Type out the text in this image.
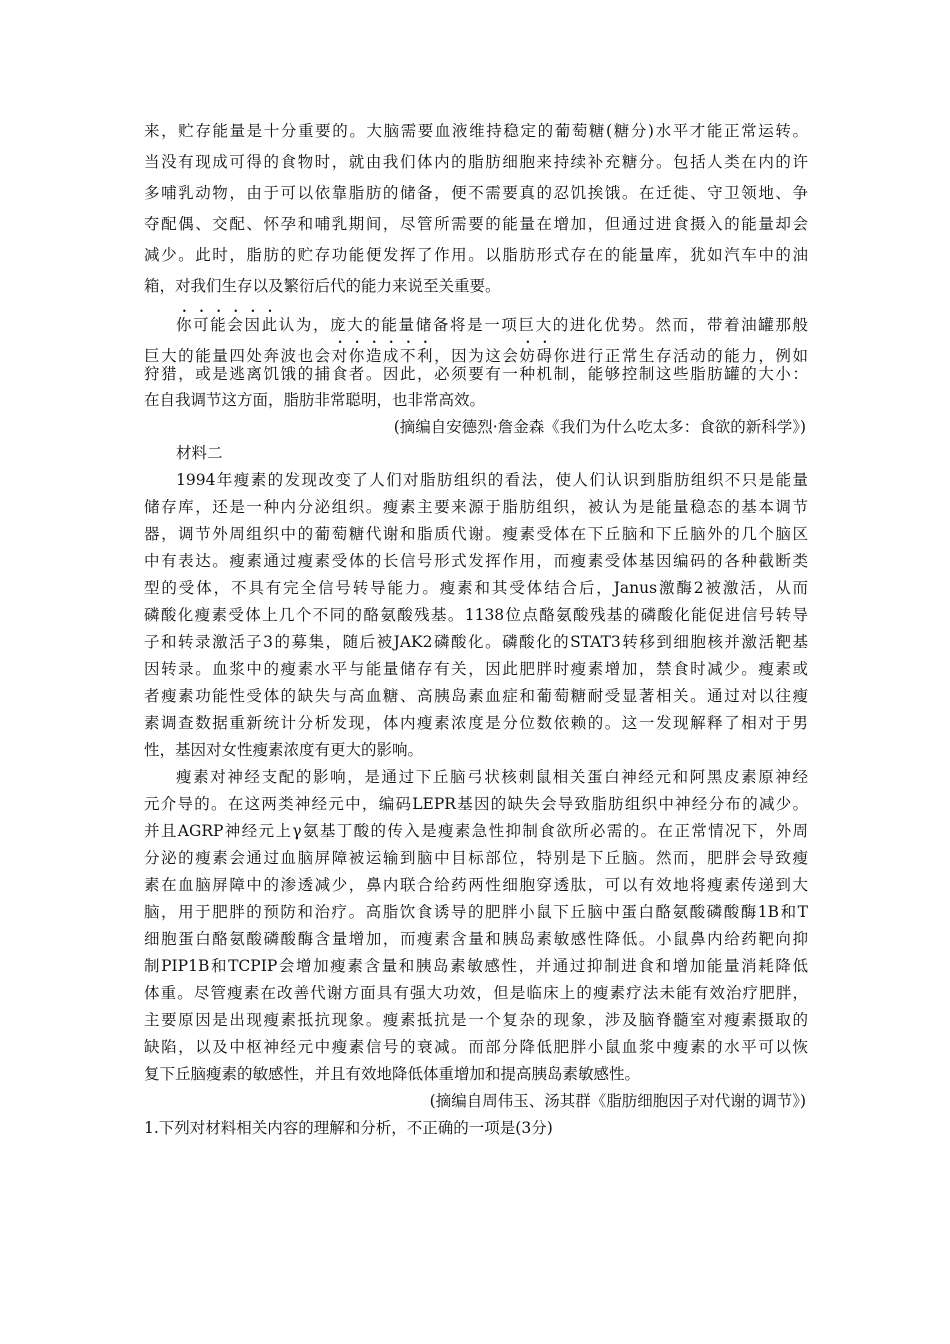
来，贮存能量是十分重要的。大脑需要血液维持稳定的葡萄糖(糖分)水平才能正常运转。
当没有现成可得的食物时，就由我们体内的脂肪细胞来持续补充糖分。包括人类在内的许
多哺乳动物，由于可以依靠脂肪的储备，便不需要真的忍饥挨饿。在迁徙、守卫领地、争
夺配偶、交配、怀孕和哺乳期间，尽管所需要的能量在增加，但通过进食摄入的能量却会
减少。此时，脂肪的贮存功能便发挥了作用。以脂肪形式存在的能量库，犹如汽车中的油
箱，对我们生存以及繁衍后代的能力来说至关重要。
你可能会因此认为，庞大的能量储备将是一项巨大的进化优势。然而，带着油罐那般
巨大的能量四处奔波也会对你造成不利，因为这会妨碍你进行正常生存活动的能力，例如
狩猎，或是逃离饥饿的捕食者。因此，必须要有一种机制，能够控制这些脂肪罐的大小：
在自我调节这方面，脂肪非常聪明，也非常高效。
(摘编自安德烈·詹金森《我们为什么吃太多：食欲的新科学》)
材料二
1994年瘦素的发现改变了人们对脂肪组织的看法，使人们认识到脂肪组织不只是能量
储存库，还是一种内分泌组织。瘦素主要来源于脂肪组织，被认为是能量稳态的基本调节
器，调节外周组织中的葡萄糖代谢和脂质代谢。瘦素受体在下丘脑和下丘脑外的几个脑区
中有表达。瘦素通过瘦素受体的长信号形式发挥作用，而瘦素受体基因编码的各种截断类
型的受体，不具有完全信号转导能力。瘦素和其受体结合后，Janus激酶2被激活，从而
磷酸化瘦素受体上几个不同的酪氨酸残基。1138位点酪氨酸残基的磷酸化能促进信号转导
子和转录激活子3的募集，随后被JAK2磷酸化。磷酸化的STAT3转移到细胞核并激活靶基
因转录。血浆中的瘦素水平与能量储存有关，因此肥胖时瘦素增加，禁食时减少。瘦素或
者瘦素功能性受体的缺失与高血糖、高胰岛素血症和葡萄糖耐受显著相关。通过对以往瘦
素调查数据重新统计分析发现，体内瘦素浓度是分位数依赖的。这一发现解释了相对于男
性，基因对女性瘦素浓度有更大的影响。
瘦素对神经支配的影响，是通过下丘脑弓状核刺鼠相关蛋白神经元和阿黑皮素原神经
元介导的。在这两类神经元中，编码LEPR基因的缺失会导致脂肪组织中神经分布的减少。
并且AGRP神经元上γ氨基丁酸的传入是瘦素急性抑制食欲所必需的。在正常情况下，外周
分泌的瘦素会通过血脑屏障被运输到脑中目标部位，特别是下丘脑。然而，肥胖会导致瘦
素在血脑屏障中的渗透减少，鼻内联合给药两性细胞穿透肽，可以有效地将瘦素传递到大
脑，用于肥胖的预防和治疗。高脂饮食诱导的肥胖小鼠下丘脑中蛋白酪氨酸磷酸酶1B和T
细胞蛋白酪氨酸磷酸酶含量增加，而瘦素含量和胰岛素敏感性降低。小鼠鼻内给药靶向抑
制PIP1B和TCPIP会增加瘦素含量和胰岛素敏感性，并通过抑制进食和增加能量消耗降低
体重。尽管瘦素在改善代谢方面具有强大功效，但是临床上的瘦素疗法未能有效治疗肥胖，
主要原因是出现瘦素抵抗现象。瘦素抵抗是一个复杂的现象，涉及脑脊髓室对瘦素摄取的
缺陷，以及中枢神经元中瘦素信号的衰减。而部分降低肥胖小鼠血浆中瘦素的水平可以恢
复下丘脑瘦素的敏感性，并且有效地降低体重增加和提高胰岛素敏感性。
(摘编自周伟玉、汤其群《脂肪细胞因子对代谢的调节》)
1.下列对材料相关内容的理解和分析，不正确的一项是(3分)
